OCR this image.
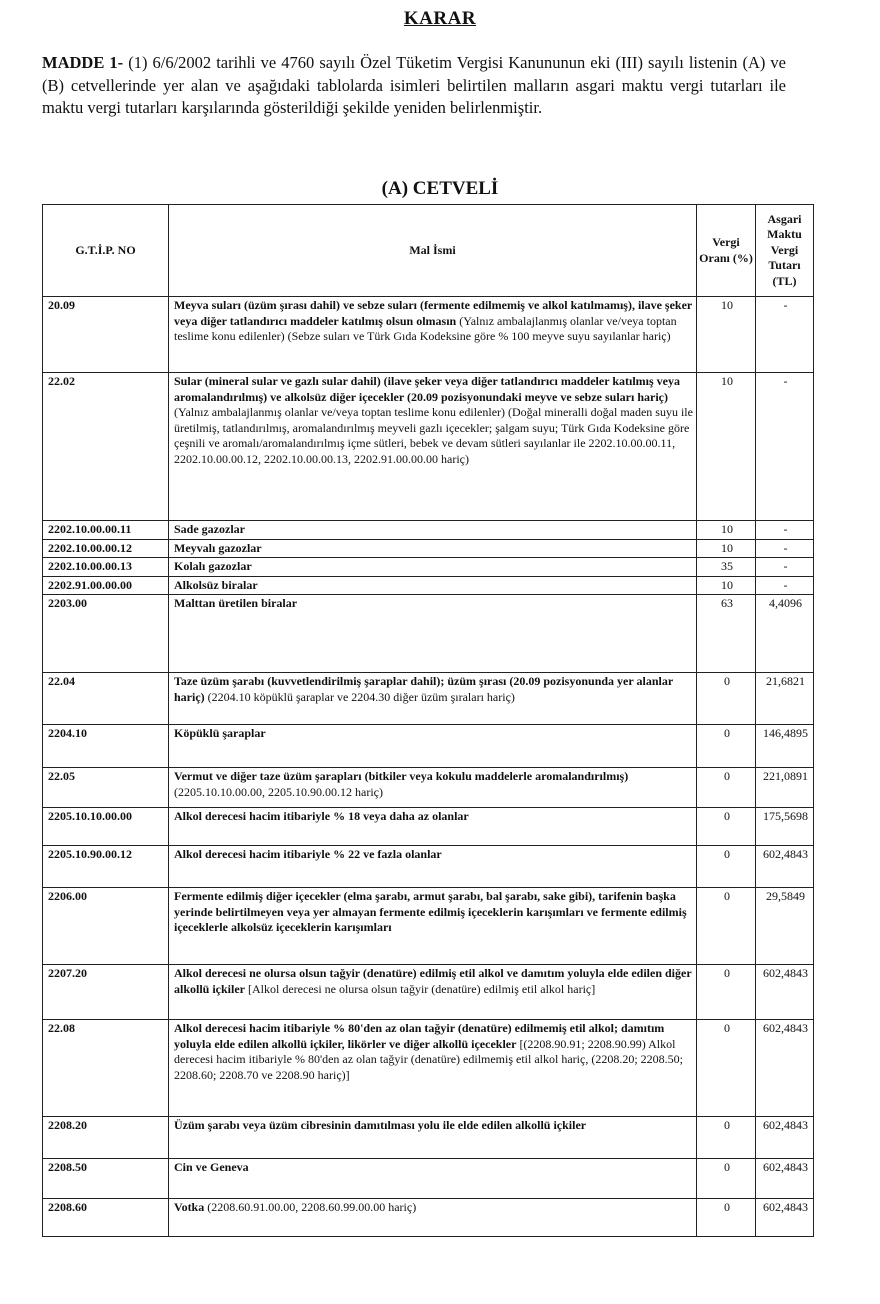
KARAR
MADDE 1- (1) 6/6/2002 tarihli ve 4760 sayılı Özel Tüketim Vergisi Kanununun eki (III) sayılı listenin (A) ve (B) cetvellerinde yer alan ve aşağıdaki tablolarda isimleri belirtilen malların asgari maktu vergi tutarları ile maktu vergi tutarları karşılarında gösterildiği şekilde yeniden belirlenmiştir.
(A) CETVELİ
G.T.İ.P. NO	Mal İsmi	Vergi Oranı (%)	Asgari Maktu Vergi Tutarı (TL)
20.09	Meyva suları (üzüm şırası dahil) ve sebze suları (fermente edilmemiş ve alkol katılmamış), ilave şeker veya diğer tatlandırıcı maddeler katılmış olsun olmasın (Yalnız ambalajlanmış olanlar ve/veya toptan teslime konu edilenler) (Sebze suları ve Türk Gıda Kodeksine göre % 100 meyve suyu sayılanlar hariç)	10	-
22.02	Sular (mineral sular ve gazlı sular dahil) (ilave şeker veya diğer tatlandırıcı maddeler katılmış veya aromalandırılmış) ve alkolsüz diğer içecekler (20.09 pozisyonundaki meyve ve sebze suları hariç) (Yalnız ambalajlanmış olanlar ve/veya toptan teslime konu edilenler) (Doğal mineralli doğal maden suyu ile üretilmiş, tatlandırılmış, aromalandırılmış meyveli gazlı içecekler; şalgam suyu; Türk Gıda Kodeksine göre çeşnili ve aromalı/aromalandırılmış içme sütleri, bebek ve devam sütleri sayılanlar ile 2202.10.00.00.11, 2202.10.00.00.12, 2202.10.00.00.13, 2202.91.00.00.00 hariç)	10	-
2202.10.00.00.11	Sade gazozlar	10	-
2202.10.00.00.12	Meyvalı gazozlar	10	-
2202.10.00.00.13	Kolalı gazozlar	35	-
2202.91.00.00.00	Alkolsüz biralar	10	-
2203.00	Malttan üretilen biralar	63	4,4096
22.04	Taze üzüm şarabı (kuvvetlendirilmiş şaraplar dahil); üzüm şırası (20.09 pozisyonunda yer alanlar hariç) (2204.10 köpüklü şaraplar ve 2204.30 diğer üzüm şıraları hariç)	0	21,6821
2204.10	Köpüklü şaraplar	0	146,4895
22.05	Vermut ve diğer taze üzüm şarapları (bitkiler veya kokulu maddelerle aromalandırılmış) (2205.10.10.00.00, 2205.10.90.00.12 hariç)	0	221,0891
2205.10.10.00.00	Alkol derecesi hacim itibariyle % 18 veya daha az olanlar	0	175,5698
2205.10.90.00.12	Alkol derecesi hacim itibariyle % 22 ve fazla olanlar	0	602,4843
2206.00	Fermente edilmiş diğer içecekler (elma şarabı, armut şarabı, bal şarabı, sake gibi), tarifenin başka yerinde belirtilmeyen veya yer almayan fermente edilmiş içeceklerin karışımları ve fermente edilmiş içeceklerle alkolsüz içeceklerin karışımları	0	29,5849
2207.20	Alkol derecesi ne olursa olsun tağyir (denatüre) edilmiş etil alkol ve damıtım yoluyla elde edilen diğer alkollü içkiler [Alkol derecesi ne olursa olsun tağyir (denatüre) edilmiş etil alkol hariç]	0	602,4843
22.08	Alkol derecesi hacim itibariyle % 80'den az olan tağyir (denatüre) edilmemiş etil alkol; damıtım yoluyla elde edilen alkollü içkiler, likörler ve diğer alkollü içecekler [(2208.90.91; 2208.90.99) Alkol derecesi hacim itibariyle % 80'den az olan tağyir (denatüre) edilmemiş etil alkol hariç, (2208.20; 2208.50; 2208.60; 2208.70 ve 2208.90 hariç)]	0	602,4843
2208.20	Üzüm şarabı veya üzüm cibresinin damıtılması yolu ile elde edilen alkollü içkiler	0	602,4843
2208.50	Cin ve Geneva	0	602,4843
2208.60	Votka (2208.60.91.00.00, 2208.60.99.00.00 hariç)	0	602,4843
